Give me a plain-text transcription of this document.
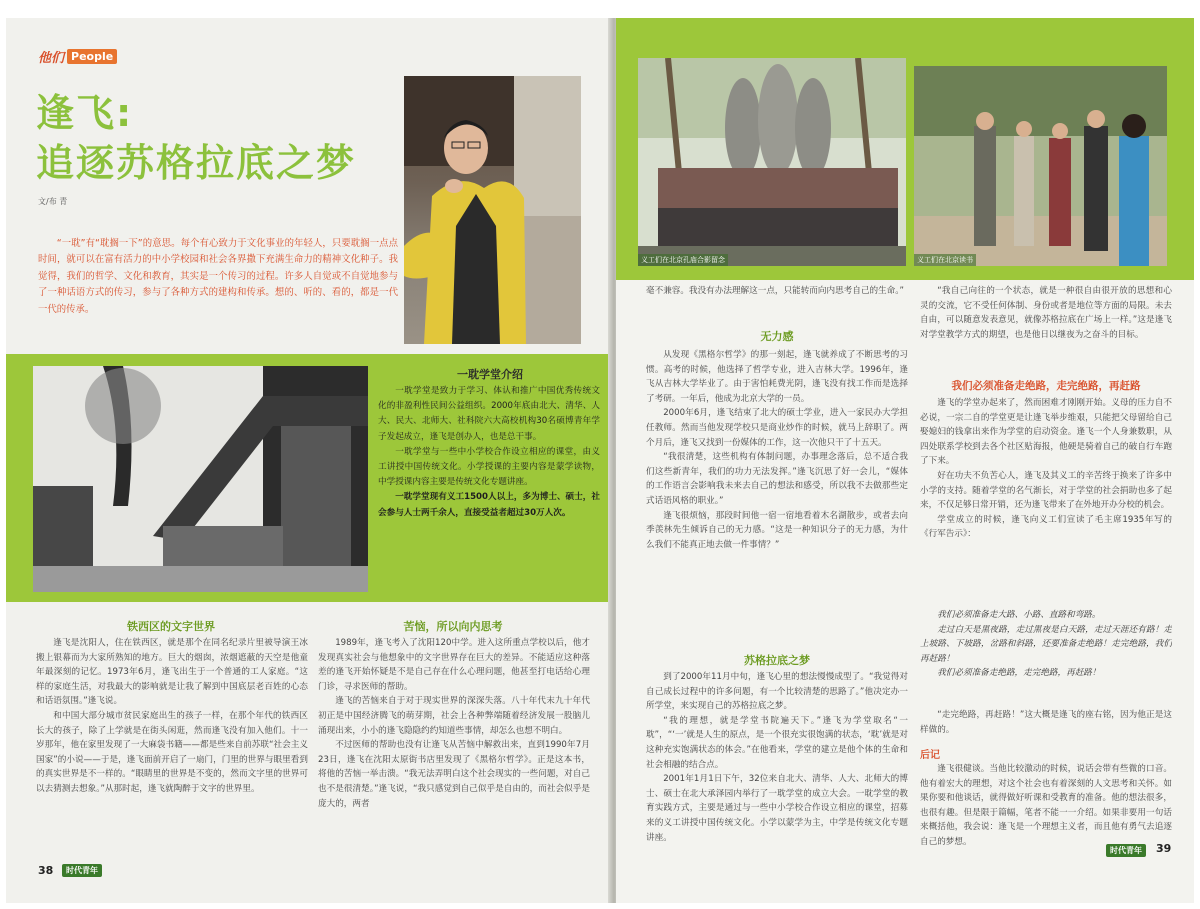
他们 People
逢飞:
追逐苏格拉底之梦
文/布 青

“一耽”有“耽搁一下”的意思。每个有心致力于文化事业的年轻人，只要耽搁一点点时间，就可以在富有活力的中小学校园和社会各界撒下充满生命力的精神文化种子。我觉得，我们的哲学、文化和教育，其实是一个传习的过程。许多人自觉或不自觉地参与了一种话语方式的传习，参与了各种方式的建构和传承。想的、听的、看的，都是一代一代的传承。

一耽学堂介绍

一耽学堂是致力于学习、体认和推广中国优秀传统文化的非盈利性民间公益组织。2000年底由北大、清华、人大、民大、北师大、社科院六大高校机构30名硕博青年学子发起成立，逢飞是创办人，也是总干事。

一耽学堂与一些中小学校合作设立相应的课堂，由义工讲授中国传统文化。小学授课的主要内容是蒙学读物，中学授课内容主要是传统文化专题讲座。

一耽学堂现有义工1500人以上，多为博士、硕士，社会参与人士两千余人，直接受益者超过30万人次。

铁西区的文字世界

逢飞是沈阳人，住在铁西区，就是那个在同名纪录片里被导演王冰搬上银幕而为大家所熟知的地方。巨大的烟囱，浓烟遮蔽的天空是他童年最深刻的记忆。1973年6月，逢飞出生于一个普通的工人家庭。“这样的家庭生活，对我最大的影响就是让我了解到中国底层老百姓的心态和话语氛围。”逢飞说。

和中国大部分城市贫民家庭出生的孩子一样，在那个年代的铁西区长大的孩子，除了上学就是在街头闲逛，然而逢飞没有加入他们。十一岁那年，他在家里发现了一大麻袋书籍——都是些来自前苏联“社会主义国家”的小说——于是，逢飞面前开启了一扇门，门里的世界与眼里看到的真实世界是不一样的。“眼睛里的世界是不变的，然而文字里的世界可以去猜测去想象。”从那时起，逢飞就陶醉于文字的世界里。

苦恼，所以向内思考

1989年，逢飞考入了沈阳120中学。进入这所重点学校以后，他才发现真实社会与他想象中的文字世界存在巨大的差异。不能适应这种落差的逢飞开始怀疑是不是自己存在什么心理问题，他甚至打电话给心理门诊，寻求医师的帮助。

逢飞的苦恼来自于对于现实世界的深深失落。八十年代末九十年代初正是中国经济腾飞的萌芽期，社会上各种弊端随着经济发展一股脑儿涌现出来，小小的逢飞隐隐约约知道些事情，却怎么也想不明白。

不过医师的帮助也没有让逢飞从苦恼中解救出来，直到1990年7月23日，逢飞在沈阳太原街书店里发现了《黑格尔哲学》。正是这本书，将他的苦恼一举击溃。“我无法弄明白这个社会现实的一些问题，对自己也不是很清楚。”逢飞说，“我只感觉到自己似乎是自由的，而社会似乎是庞大的，两者

38	时代青年
义工们在北京孔庙合影留念	义工们在北京读书

毫不兼容。我没有办法理解这一点，只能转而向内思考自己的生命。”

无力感

从发现《黑格尔哲学》的那一刻起，逢飞就养成了不断思考的习惯。高考的时候，他选择了哲学专业，进入吉林大学。1996年，逢飞从吉林大学毕业了。由于害怕耗费光阴，逢飞没有找工作而是选择了考研。一年后，他成为北京大学的一员。

2000年6月，逢飞结束了北大的硕士学业，进入一家民办大学担任教师。然而当他发现学校只是商业炒作的时候，就马上辞职了。两个月后，逢飞又找到一份媒体的工作，这一次他只干了十五天。

“我很清楚，这些机构有体制问题，办事理念落后，总不适合我们这些新青年，我们的功力无法发挥。”逢飞沉思了好一会儿，“媒体的工作语言会影响我未来去自己的想法和感受，所以我不去做那些定式话语风格的职业。”

逢飞很烦恼，那段时间他一宿一宿地看着木名湖散步，或者去向季羡林先生倾诉自己的无力感。“这是一种知识分子的无力感，为什么我们不能真正地去做一件事情？”

苏格拉底之梦

到了2000年11月中旬，逢飞心里的想法慢慢成型了。“我觉得对自己成长过程中的许多问题，有一个比较清楚的思路了。”他决定办一所学堂，来实现自己的苏格拉底之梦。

“我的理想，就是学堂书院遍天下。”逢飞为学堂取名“一耽”，“‘一’就是人生的原点，是一个很充实很饱满的状态，‘耽’就是对这种充实饱满状态的体会。”在他看来，学堂的建立是他个体的生命和社会相融的结合点。

2001年1月1日下午，32位来自北大、清华、人大、北师大的博士、硕士在北大承泽园内举行了一耽学堂的成立大会。一耽学堂的教育实践方式，主要是通过与一些中小学校合作设立相应的课堂，招募来的义工讲授中国传统文化。小学以蒙学为主，中学是传统文化专题讲座。

“我自己向往的一个状态，就是一种很自由很开放的思想和心灵的交流，它不受任何体制、身份或者是地位等方面的局限。未去自由，可以随意发表意见，就像苏格拉底在广场上一样。”这是逢飞对学堂教学方式的期望，也是他日以继夜为之奋斗的目标。

我们必须准备走绝路，走完绝路，再赶路

逢飞的学堂办起来了，然而困难才刚刚开始。义母的压力自不必说，一宗二自的学堂更是让逢飞举步维艰，只能把父母留给自己娶媳妇的钱拿出来作为学堂的启动资金。逢飞一个人身兼数职，从四处联系学校到去各个社区贴海报，他硬是骑着自己的破自行车跑了下来。

好在功夫不负苦心人，逢飞及其义工的辛苦终于换来了许多中小学的支持。随着学堂的名气渐长，对于学堂的社会捐助也多了起来，不仅足够日常开销，还为逢飞带来了在外地开办分校的机会。

学堂成立的时候，逢飞向义工们宣读了毛主席1935年写的《行军告示》：

我们必须准备走大路、小路、直路和弯路。

走过白天是黑夜路，走过黑夜是白天路，走过天涯还有路！走上坡路、下坡路，岔路和斜路，还要准备走绝路！走完绝路，我们再赶路！

我们必须准备走绝路，走完绝路，再赶路！

“走完绝路，再赶路！”这大概是逢飞的座右铭，因为他正是这样做的。

后记

逢飞很健谈。当他比较激动的时候，说话会带有些微的口音。他有着宏大的理想，对这个社会也有着深刻的人文思考和关怀。如果你要和他谈话，就得做好听课和受教育的准备。他的想法很多，也很有趣。但是限于篇幅，笔者不能一一介绍。如果非要用一句话来概括他，我会说：逢飞是一个理想主义者，而且他有勇气去追逐自己的梦想。

时代青年	39
